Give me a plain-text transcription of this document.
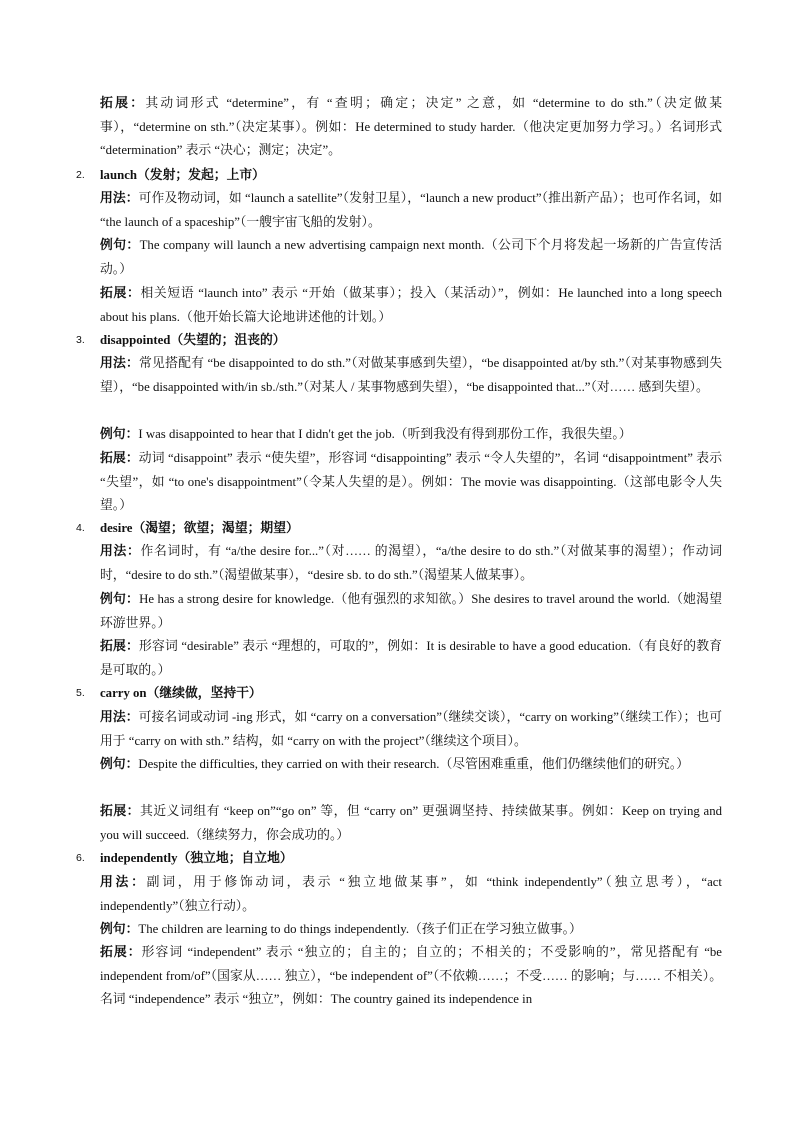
拓展：其动词形式 “determine”，有 “查明；确定；决定” 之意，如 “determine to do sth.”（决定做某事），“determine on sth.”（决定某事）。例如：He determined to study harder.（他决定更加努力学习。）名词形式 “determination” 表示 “决心；测定；决定”。
2.	launch（发射；发起；上市）
用法：可作及物动词，如 “launch a satellite”（发射卫星），“launch a new product”（推出新产品）；也可作名词，如 “the launch of a spaceship”（一艘宇宙飞船的发射）。
例句：The company will launch a new advertising campaign next month.（公司下个月将发起一场新的广告宣传活动。）
拓展：相关短语 “launch into” 表示 “开始（做某事）；投入（某活动）”，例如：He launched into a long speech about his plans.（他开始长篇大论地讲述他的计划。）
3.	disappointed（失望的；沮丧的）
用法：常见搭配有 “be disappointed to do sth.”（对做某事感到失望），“be disappointed at/by sth.”（对某事物感到失望），“be disappointed with/in sb./sth.”（对某人 / 某事物感到失望），“be disappointed that...”（对…… 感到失望）。
例句：I was disappointed to hear that I didn't get the job.（听到我没有得到那份工作，我很失望。）
拓展：动词 “disappoint” 表示 “使失望”，形容词 “disappointing” 表示 “令人失望的”，名词 “disappointment” 表示 “失望”，如 “to one's disappointment”（令某人失望的是）。例如：The movie was disappointing.（这部电影令人失望。）
4.	desire（渴望；欲望；渴望；期望）
用法：作名词时，有 “a/the desire for...”（对…… 的渴望），“a/the desire to do sth.”（对做某事的渴望）；作动词时，“desire to do sth.”（渴望做某事），“desire sb. to do sth.”（渴望某人做某事）。
例句：He has a strong desire for knowledge.（他有强烈的求知欲。）She desires to travel around the world.（她渴望环游世界。）
拓展：形容词 “desirable” 表示 “理想的，可取的”，例如：It is desirable to have a good education.（有良好的教育是可取的。）
5.	carry on（继续做，坚持干）
用法：可接名词或动词 -ing 形式，如 “carry on a conversation”（继续交谈），“carry on working”（继续工作）；也可用于 “carry on with sth.” 结构，如 “carry on with the project”（继续这个项目）。
例句：Despite the difficulties, they carried on with their research.（尽管困难重重，他们仍继续他们的研究。）
拓展：其近义词组有 “keep on”“go on” 等，但 “carry on” 更强调坚持、持续做某事。例如：Keep on trying and you will succeed.（继续努力，你会成功的。）
6.	independently（独立地；自立地）
用法：副词，用于修饰动词，表示 “独立地做某事”，如 “think independently”（独立思考），“act independently”（独立行动）。
例句：The children are learning to do things independently.（孩子们正在学习独立做事。）
拓展：形容词 “independent” 表示 “独立的；自主的；自立的；不相关的；不受影响的”，常见搭配有 “be independent from/of”（国家从…… 独立），“be independent of”（不依赖……；不受…… 的影响；与…… 不相关）。名词 “independence” 表示 “独立”，例如：The country gained its independence in
